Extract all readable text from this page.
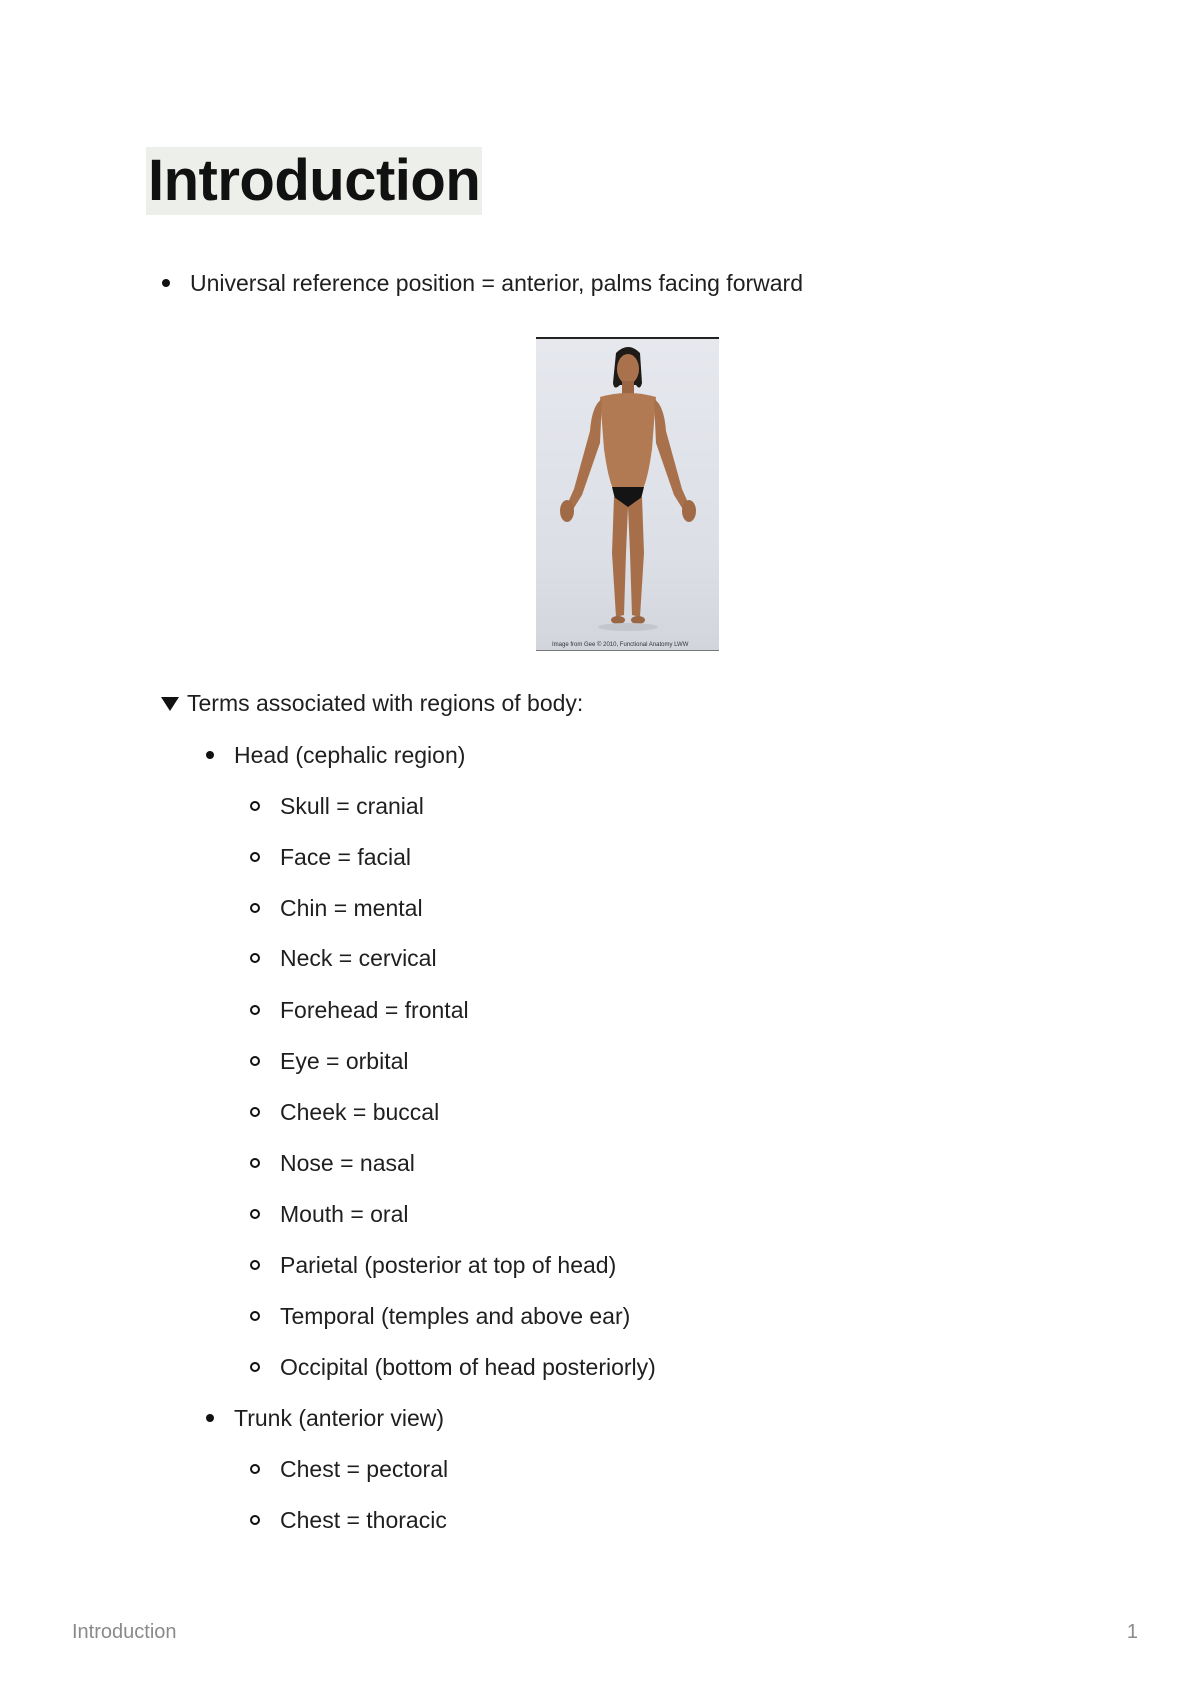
Introduction
Universal reference position = anterior, palms facing forward
Image from Gee © 2010, Functional Anatomy LWW
Terms associated with regions of body:
Head (cephalic region)
Skull = cranial
Face = facial
Chin = mental
Neck = cervical
Forehead = frontal
Eye = orbital
Cheek = buccal
Nose = nasal
Mouth = oral
Parietal (posterior at top of head)
Temporal (temples and above ear)
Occipital (bottom of head posteriorly)
Trunk (anterior view)
Chest = pectoral
Chest = thoracic
Introduction	1
